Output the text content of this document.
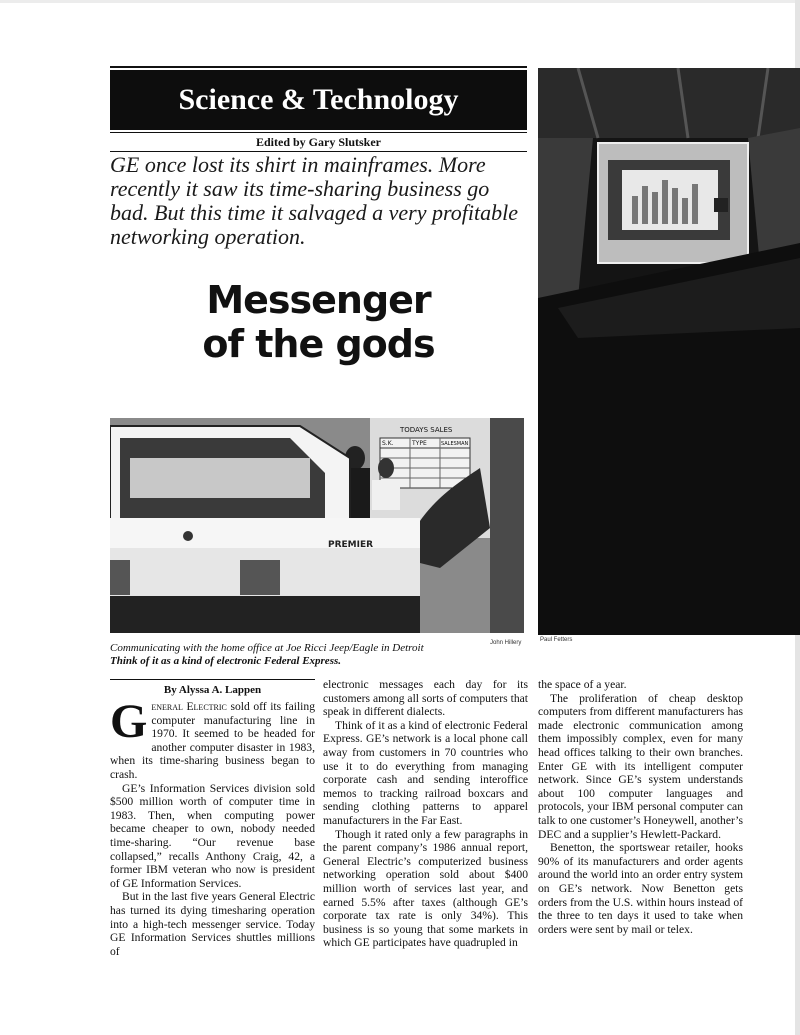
Science & Technology
Edited by Gary Slutsker
GE once lost its shirt in mainframes. More recently it saw its time-sharing business go bad. But this time it salvaged a very profitable networking operation.
Messenger
of the gods
PREMIER
TODAYS SALES
S.K.	TYPE	SALESMAN
John Hillery	Paul Fetters
Communicating with the home office at Joe Ricci Jeep/Eagle in Detroit
Think of it as a kind of electronic Federal Express.
By Alyssa A. Lappen

General Electric sold off its failing computer manufacturing line in 1970. It seemed to be headed for another computer disaster in 1983, when its time-sharing business began to crash.

GE’s Information Services division sold $500 million worth of computer time in 1983. Then, when computing power became cheaper to own, nobody needed time-sharing. “Our revenue base collapsed,” recalls Anthony Craig, 42, a former IBM veteran who now is president of GE Information Services.

But in the last five years General Electric has turned its dying timesharing operation into a high-tech messenger service. Today GE Information Services shuttles millions of

electronic messages each day for its customers among all sorts of computers that speak in different dialects.

Think of it as a kind of electronic Federal Express. GE’s network is a local phone call away from customers in 70 countries who use it to do everything from managing corporate cash and sending interoffice memos to tracking railroad boxcars and sending clothing patterns to apparel manufacturers in the Far East.

Though it rated only a few paragraphs in the parent company’s 1986 annual report, General Electric’s computerized business networking operation sold about $400 million worth of services last year, and earned 5.5% after taxes (although GE’s corporate tax rate is only 34%). This business is so young that some markets in which GE participates have quadrupled in

the space of a year.

The proliferation of cheap desktop computers from different manufacturers has made electronic communication among them impossibly complex, even for many head offices talking to their own branches. Enter GE with its intelligent computer network. Since GE’s system understands about 100 computer languages and protocols, your IBM personal computer can talk to one customer’s Honeywell, another’s DEC and a supplier’s Hewlett-Packard.

Benetton, the sportswear retailer, hooks 90% of its manufacturers and order agents around the world into an order entry system on GE’s network. Now Benetton gets orders from the U.S. within hours instead of the three to ten days it used to take when orders were sent by mail or telex.
